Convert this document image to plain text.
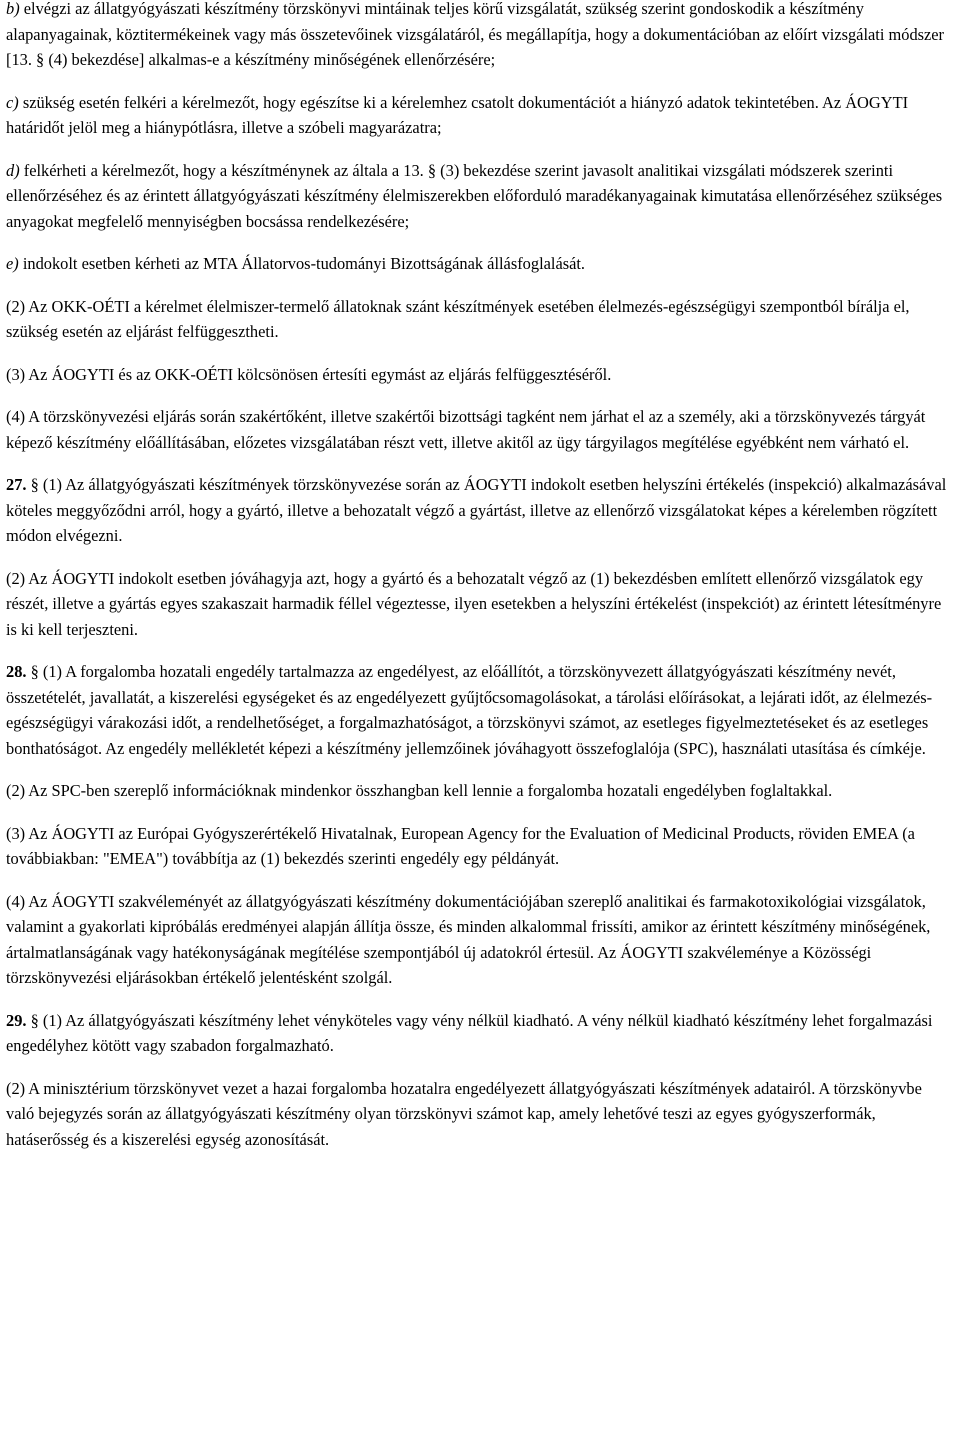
b) elvégzi az állatgyógyászati készítmény törzskönyvi mintáinak teljes körű vizsgálatát, szükség szerint gondoskodik a készítmény alapanyagainak, köztitermékeinek vagy más összetevőinek vizsgálatáról, és megállapítja, hogy a dokumentációban az előírt vizsgálati módszer [13. § (4) bekezdése] alkalmas-e a készítmény minőségének ellenőrzésére;

c) szükség esetén felkéri a kérelmezőt, hogy egészítse ki a kérelemhez csatolt dokumentációt a hiányzó adatok tekintetében. Az ÁOGYTI határidőt jelöl meg a hiánypótlásra, illetve a szóbeli magyarázatra;

d) felkérheti a kérelmezőt, hogy a készítménynek az általa a 13. § (3) bekezdése szerint javasolt analitikai vizsgálati módszerek szerinti ellenőrzéséhez és az érintett állatgyógyászati készítmény élelmiszerekben előforduló maradékanyagainak kimutatása ellenőrzéséhez szükséges anyagokat megfelelő mennyiségben bocsássa rendelkezésére;

e) indokolt esetben kérheti az MTA Állatorvos-tudományi Bizottságának állásfoglalását.

(2) Az OKK-OÉTI a kérelmet élelmiszer-termelő állatoknak szánt készítmények esetében élelmezés-egészségügyi szempontból bírálja el, szükség esetén az eljárást felfüggesztheti.

(3) Az ÁOGYTI és az OKK-OÉTI kölcsönösen értesíti egymást az eljárás felfüggesztéséről.

(4) A törzskönyvezési eljárás során szakértőként, illetve szakértői bizottsági tagként nem járhat el az a személy, aki a törzskönyvezés tárgyát képező készítmény előállításában, előzetes vizsgálatában részt vett, illetve akitől az ügy tárgyilagos megítélése egyébként nem várható el.

27. § (1) Az állatgyógyászati készítmények törzskönyvezése során az ÁOGYTI indokolt esetben helyszíni értékelés (inspekció) alkalmazásával köteles meggyőződni arról, hogy a gyártó, illetve a behozatalt végző a gyártást, illetve az ellenőrző vizsgálatokat képes a kérelemben rögzített módon elvégezni.

(2) Az ÁOGYTI indokolt esetben jóváhagyja azt, hogy a gyártó és a behozatalt végző az (1) bekezdésben említett ellenőrző vizsgálatok egy részét, illetve a gyártás egyes szakaszait harmadik féllel végeztesse, ilyen esetekben a helyszíni értékelést (inspekciót) az érintett létesítményre is ki kell terjeszteni.

28. § (1) A forgalomba hozatali engedély tartalmazza az engedélyest, az előállítót, a törzskönyvezett állatgyógyászati készítmény nevét, összetételét, javallatát, a kiszerelési egységeket és az engedélyezett gyűjtőcsomagolásokat, a tárolási előírásokat, a lejárati időt, az élelmezés-egészségügyi várakozási időt, a rendelhetőséget, a forgalmazhatóságot, a törzskönyvi számot, az esetleges figyelmeztetéseket és az esetleges bonthatóságot. Az engedély mellékletét képezi a készítmény jellemzőinek jóváhagyott összefoglalója (SPC), használati utasítása és címkéje.

(2) Az SPC-ben szereplő információknak mindenkor összhangban kell lennie a forgalomba hozatali engedélyben foglaltakkal.

(3) Az ÁOGYTI az Európai Gyógyszerértékelő Hivatalnak, European Agency for the Evaluation of Medicinal Products, röviden EMEA (a továbbiakban: "EMEA") továbbítja az (1) bekezdés szerinti engedély egy példányát.

(4) Az ÁOGYTI szakvéleményét az állatgyógyászati készítmény dokumentációjában szereplő analitikai és farmakotoxikológiai vizsgálatok, valamint a gyakorlati kipróbálás eredményei alapján állítja össze, és minden alkalommal frissíti, amikor az érintett készítmény minőségének, ártalmatlanságának vagy hatékonyságának megítélése szempontjából új adatokról értesül. Az ÁOGYTI szakvéleménye a Közösségi törzskönyvezési eljárásokban értékelő jelentésként szolgál.

29. § (1) Az állatgyógyászati készítmény lehet vényköteles vagy vény nélkül kiadható. A vény nélkül kiadható készítmény lehet forgalmazási engedélyhez kötött vagy szabadon forgalmazható.

(2) A minisztérium törzskönyvet vezet a hazai forgalomba hozatalra engedélyezett állatgyógyászati készítmények adatairól. A törzskönyvbe való bejegyzés során az állatgyógyászati készítmény olyan törzskönyvi számot kap, amely lehetővé teszi az egyes gyógyszerformák, hatáserősség és a kiszerelési egység azonosítását.
